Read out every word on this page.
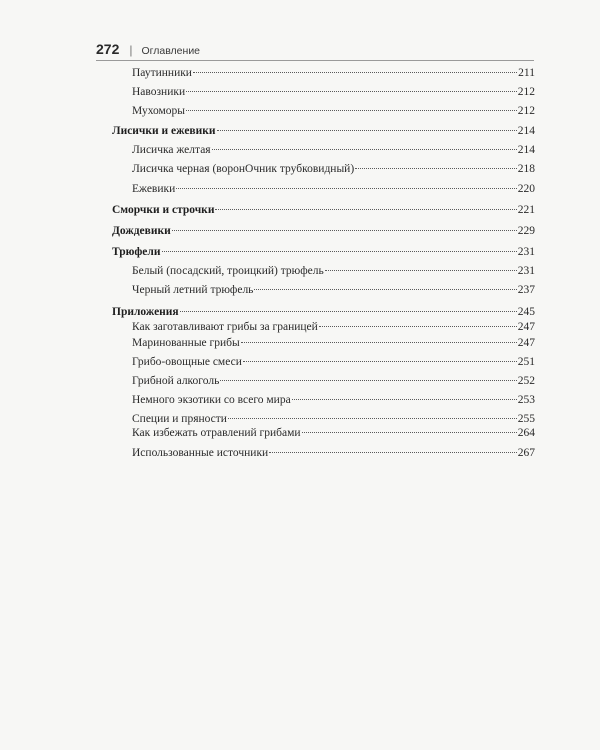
272 | Оглавление
Паутинники	211
Навозники	212
Мухоморы	212
Лисички и ежевики	214
Лисичка желтая	214
Лисичка черная (воронОчник трубковидный)	218
Ежевики	220
Сморчки и строчки	221
Дождевики	229
Трюфели	231
Белый (посадский, троицкий) трюфель	231
Черный летний трюфель	237
Приложения	245
Как заготавливают грибы за границей	247
Маринованные грибы	247
Грибо-овощные смеси	251
Грибной алкоголь	252
Немного экзотики со всего мира	253
Специи и пряности	255
Как избежать отравлений грибами	264
Использованные источники	267
